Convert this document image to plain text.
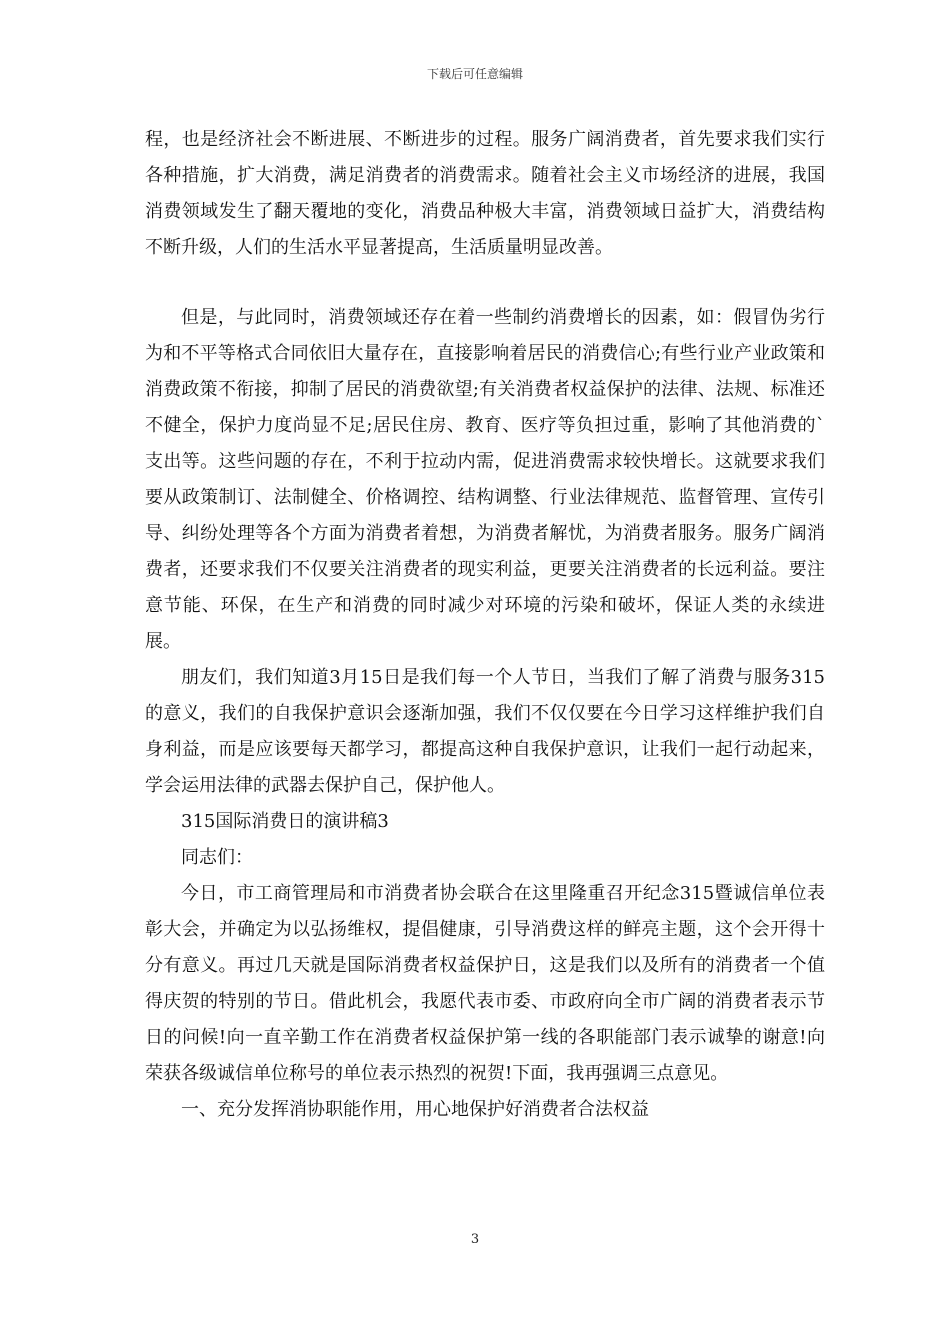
下载后可任意编辑

程，也是经济社会不断进展、不断进步的过程。服务广阔消费者，首先要求我们实行各种措施，扩大消费，满足消费者的消费需求。随着社会主义市场经济的进展，我国消费领域发生了翻天覆地的变化，消费品种极大丰富，消费领域日益扩大，消费结构不断升级，人们的生活水平显著提高，生活质量明显改善。

但是，与此同时，消费领域还存在着一些制约消费增长的因素，如：假冒伪劣行为和不平等格式合同依旧大量存在，直接影响着居民的消费信心;有些行业产业政策和消费政策不衔接，抑制了居民的消费欲望;有关消费者权益保护的法律、法规、标准还不健全，保护力度尚显不足;居民住房、教育、医疗等负担过重，影响了其他消费的`支出等。这些问题的存在，不利于拉动内需，促进消费需求较快增长。这就要求我们要从政策制订、法制健全、价格调控、结构调整、行业法律规范、监督管理、宣传引导、纠纷处理等各个方面为消费者着想，为消费者解忧，为消费者服务。服务广阔消费者，还要求我们不仅要关注消费者的现实利益，更要关注消费者的长远利益。要注意节能、环保，在生产和消费的同时减少对环境的污染和破坏，保证人类的永续进展。

朋友们，我们知道3月15日是我们每一个人节日，当我们了解了消费与服务315的意义，我们的自我保护意识会逐渐加强，我们不仅仅要在今日学习这样维护我们自身利益，而是应该要每天都学习，都提高这种自我保护意识，让我们一起行动起来，学会运用法律的武器去保护自己，保护他人。

315国际消费日的演讲稿3

同志们：

今日，市工商管理局和市消费者协会联合在这里隆重召开纪念315暨诚信单位表彰大会，并确定为以弘扬维权，提倡健康，引导消费这样的鲜亮主题，这个会开得十分有意义。再过几天就是国际消费者权益保护日，这是我们以及所有的消费者一个值得庆贺的特别的节日。借此机会，我愿代表市委、市政府向全市广阔的消费者表示节日的问候!向一直辛勤工作在消费者权益保护第一线的各职能部门表示诚挚的谢意!向荣获各级诚信单位称号的单位表示热烈的祝贺!下面，我再强调三点意见。

一、充分发挥消协职能作用，用心地保护好消费者合法权益

3
